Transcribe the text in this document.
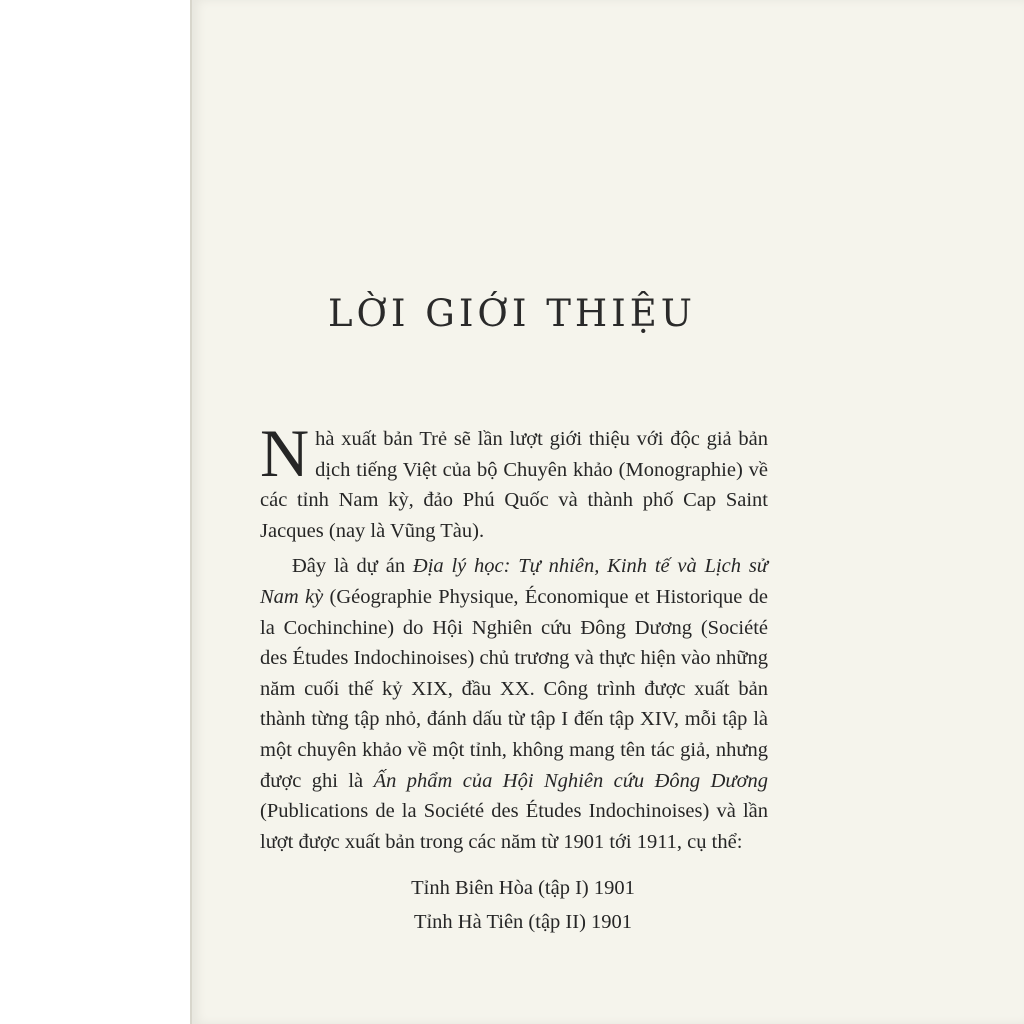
LỜI GIỚI THIỆU

Nhà xuất bản Trẻ sẽ lần lượt giới thiệu với độc giả bản dịch tiếng Việt của bộ Chuyên khảo (Monographie) về các tỉnh Nam kỳ, đảo Phú Quốc và thành phố Cap Saint Jacques (nay là Vũng Tàu).

Đây là dự án Địa lý học: Tự nhiên, Kinh tế và Lịch sử Nam kỳ (Géographie Physique, Économique et Historique de la Cochinchine) do Hội Nghiên cứu Đông Dương (Société des Études Indochinoises) chủ trương và thực hiện vào những năm cuối thế kỷ XIX, đầu XX. Công trình được xuất bản thành từng tập nhỏ, đánh dấu từ tập I đến tập XIV, mỗi tập là một chuyên khảo về một tỉnh, không mang tên tác giả, nhưng được ghi là Ấn phẩm của Hội Nghiên cứu Đông Dương (Publications de la Société des Études Indochinoises) và lần lượt được xuất bản trong các năm từ 1901 tới 1911, cụ thể:

Tỉnh Biên Hòa (tập I) 1901

Tỉnh Hà Tiên (tập II) 1901
